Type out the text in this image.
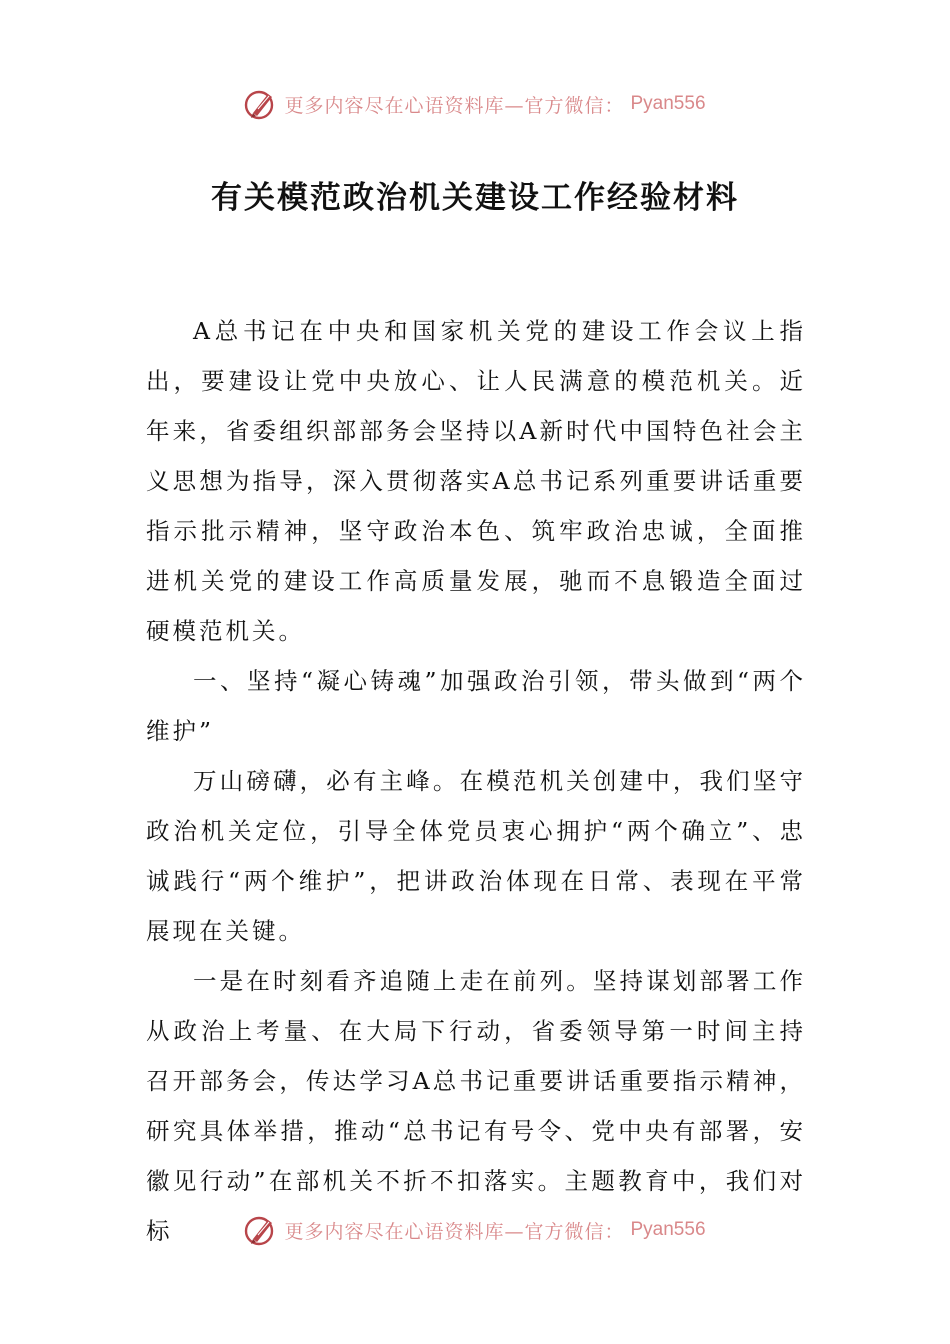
更多内容尽在心语资料库—官方微信： Pyan556
有关模范政治机关建设工作经验材料

A总书记在中央和国家机关党的建设工作会议上指出，要建设让党中央放心、让人民满意的模范机关。近年来，省委组织部部务会坚持以A新时代中国特色社会主义思想为指导，深入贯彻落实A总书记系列重要讲话重要指示批示精神，坚守政治本色、筑牢政治忠诚，全面推进机关党的建设工作高质量发展，驰而不息锻造全面过硬模范机关。

一、坚持“凝心铸魂”加强政治引领，带头做到“两个维护”

万山磅礴，必有主峰。在模范机关创建中，我们坚守政治机关定位，引导全体党员衷心拥护“两个确立”、忠诚践行“两个维护”，把讲政治体现在日常、表现在平常展现在关键。

一是在时刻看齐追随上走在前列。坚持谋划部署工作从政治上考量、在大局下行动，省委领导第一时间主持召开部务会，传达学习A总书记重要讲话重要指示精神，研究具体举措，推动“总书记有号令、党中央有部署，安徽见行动”在部机关不折不扣落实。主题教育中，我们对标	更多内容尽在心语资料库—官方微信： Pyan556
